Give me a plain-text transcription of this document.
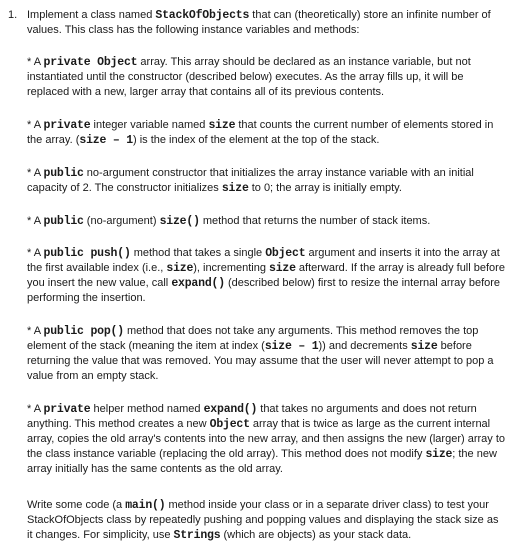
1. Implement a class named StackOfObjects that can (theoretically) store an infinite number of values. This class has the following instance variables and methods:

* A private Object array. This array should be declared as an instance variable, but not instantiated until the constructor (described below) executes. As the array fills up, it will be replaced with a new, larger array that contains all of its previous contents.

* A private integer variable named size that counts the current number of elements stored in the array. (size – 1) is the index of the element at the top of the stack.

* A public no-argument constructor that initializes the array instance variable with an initial capacity of 2. The constructor initializes size to 0; the array is initially empty.

* A public (no-argument) size() method that returns the number of stack items.

* A public push() method that takes a single Object argument and inserts it into the array at the first available index (i.e., size), incrementing size afterward. If the array is already full before you insert the new value, call expand() (described below) first to resize the internal array before performing the insertion.

* A public pop() method that does not take any arguments. This method removes the top element of the stack (meaning the item at index (size – 1)) and decrements size before returning the value that was removed. You may assume that the user will never attempt to pop a value from an empty stack.

* A private helper method named expand() that takes no arguments and does not return anything. This method creates a new Object array that is twice as large as the current internal array, copies the old array's contents into the new array, and then assigns the new (larger) array to the class instance variable (replacing the old array). This method does not modify size; the new array initially has the same contents as the old array.

Write some code (a main() method inside your class or in a separate driver class) to test your StackOfObjects class by repeatedly pushing and popping values and displaying the stack size as it changes. For simplicity, use Strings (which are objects) as your stack data.
